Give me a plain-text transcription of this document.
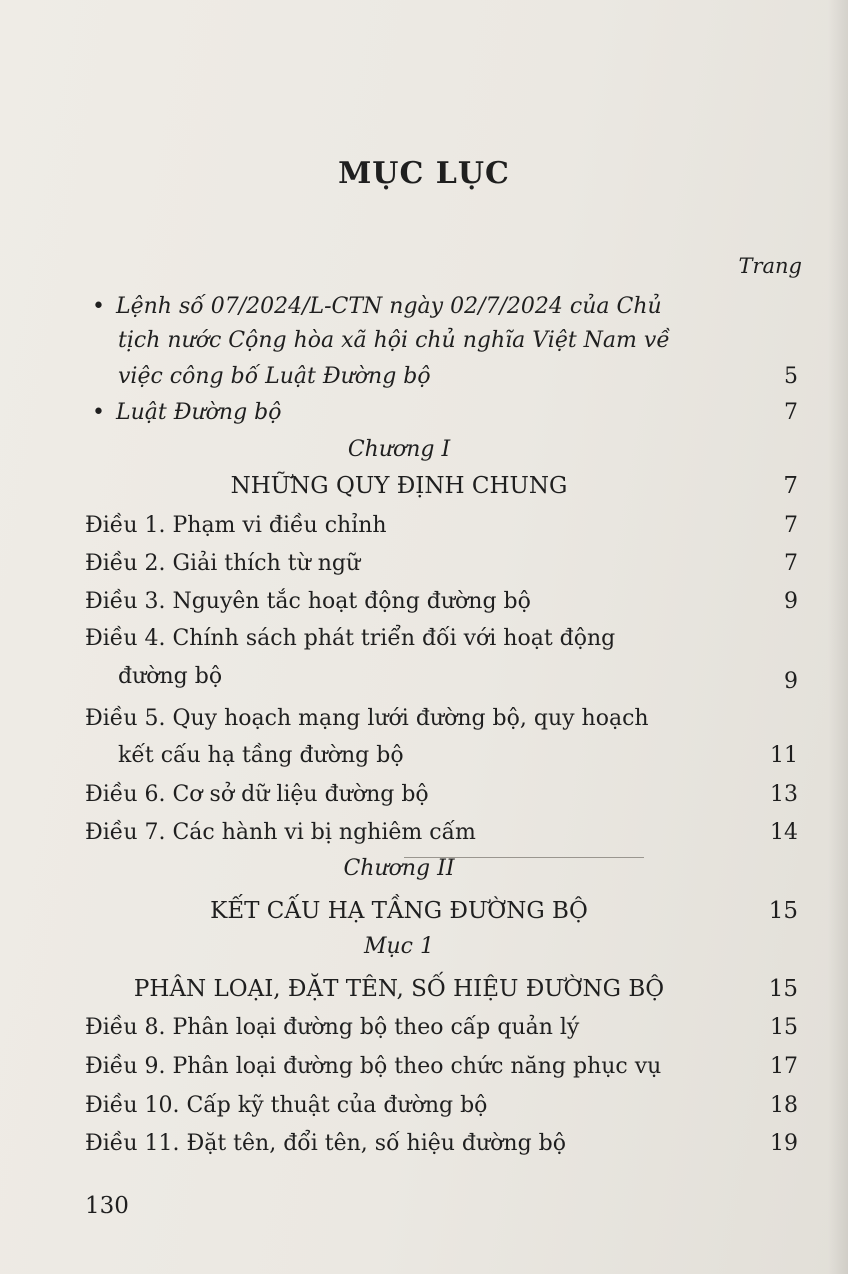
MỤC LỤC
Trang
• Lệnh số 07/2024/L-CTN ngày 02/7/2024 của Chủ
tịch nước Cộng hòa xã hội chủ nghĩa Việt Nam về
việc công bố Luật Đường bộ	5
• Luật Đường bộ	7
Chương I
NHỮNG QUY ĐỊNH CHUNG	7
Điều 1. Phạm vi điều chỉnh	7
Điều 2. Giải thích từ ngữ	7
Điều 3. Nguyên tắc hoạt động đường bộ	9
Điều 4. Chính sách phát triển đối với hoạt động
đường bộ	9
Điều 5. Quy hoạch mạng lưới đường bộ, quy hoạch
kết cấu hạ tầng đường bộ	11
Điều 6. Cơ sở dữ liệu đường bộ	13
Điều 7. Các hành vi bị nghiêm cấm	14
Chương II
KẾT CẤU HẠ TẦNG ĐƯỜNG BỘ	15
Mục 1
PHÂN LOẠI, ĐẶT TÊN, SỐ HIỆU ĐƯỜNG BỘ	15
Điều 8. Phân loại đường bộ theo cấp quản lý	15
Điều 9. Phân loại đường bộ theo chức năng phục vụ	17
Điều 10. Cấp kỹ thuật của đường bộ	18
Điều 11. Đặt tên, đổi tên, số hiệu đường bộ	19
130
